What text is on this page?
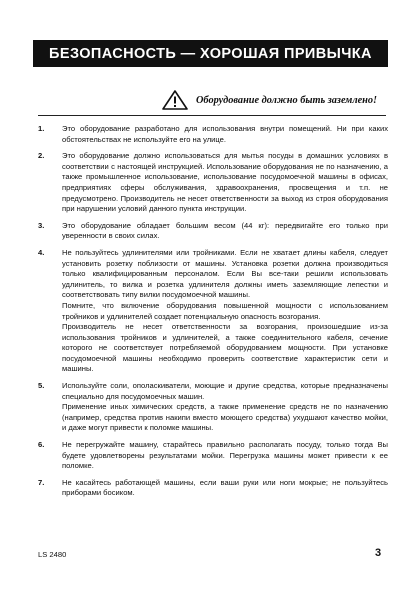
БЕЗОПАСНОСТЬ — ХОРОШАЯ ПРИВЫЧКА
Оборудование должно быть заземлено!
1.	Это оборудование разработано для использования внутри помещений. Ни при каких обстоятельствах не используйте его на улице.
2.	Это оборудование должно использоваться для мытья посуды в домашних условиях в соответствии с настоящей инструкцией. Использование оборудования не по назначению, а также промышленное использование, использование посудомоечной машины в офисах, предприятиях сферы обслуживания, здравоохранения, просвещения и т.п. не предусмотрено. Производитель не несет ответственности за выход из строя оборудования при нарушении условий данного пункта инструкции.
3.	Это оборудование обладает большим весом (44 кг): передвигайте его только при уверенности в своих силах.
4.	Не пользуйтесь удлинителями или тройниками. Если не хватает длины кабеля, следует установить розетку поблизости от машины. Установка розетки должна производиться только квалифицированным персоналом. Если Вы все-таки решили использовать удлинитель, то вилка и розетка удлинителя должны иметь заземляющие лепестки и соответствовать типу вилки посудомоечной машины.
Помните, что включение оборудования повышенной мощности с использованием тройников и удлинителей создает потенциальную опасность возгорания.
Производитель не несет ответственности за возгорания, произошедшие из-за использования тройников и удлинителей, а также соединительного кабеля, сечение которого не соответствует потребляемой оборудованием мощности. При установке посудомоечной машины необходимо проверить соответствие характеристик сети и машины.
5.	Используйте соли, ополаскиватели, моющие и другие средства, которые предназначены специально для посудомоечных машин.
Применение иных химических средств, а также применение средств не по назначению (например, средства против накипи вместо моющего средства) ухудшают качество мойки, и даже могут привести к поломке машины.
6.	Не перегружайте машину, старайтесь правильно располагать посуду, только тогда Вы будете удовлетворены результатами мойки. Перегрузка машины может привести к ее поломке.
7.	Не касайтесь работающей машины, если ваши руки или ноги мокрые; не пользуйтесь приборами босиком.
LS 2480	3
